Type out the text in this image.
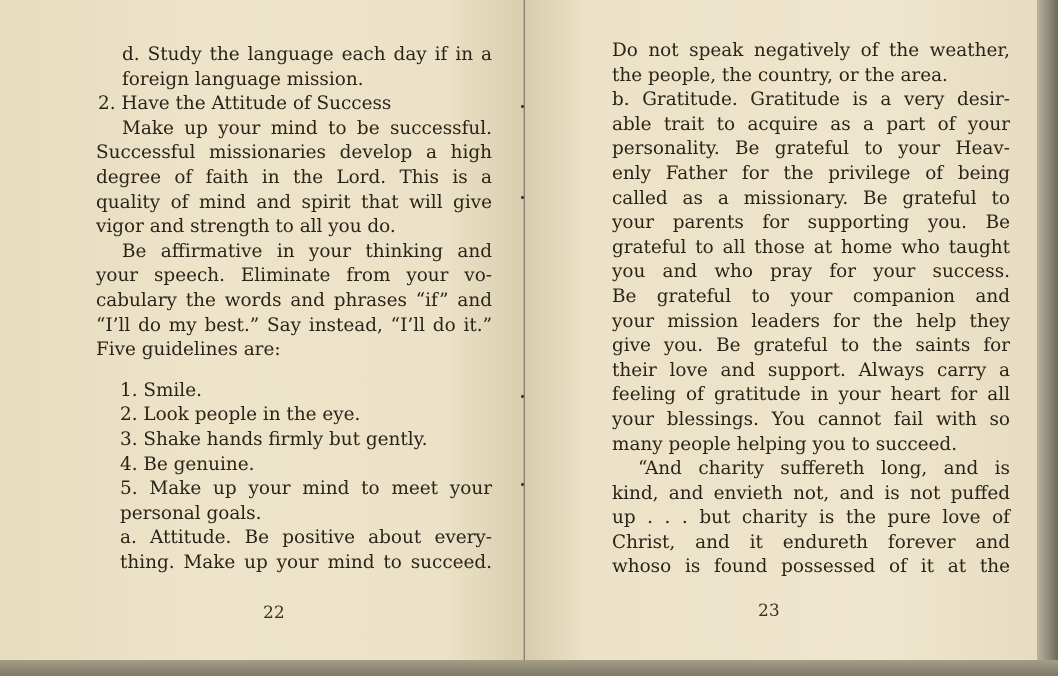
d. Study the language each day if in a
foreign language mission.
2. Have the Attitude of Success
Make up your mind to be successful.
Successful missionaries develop a high
degree of faith in the Lord. This is a
quality of mind and spirit that will give
vigor and strength to all you do.
Be affirmative in your thinking and
your speech. Eliminate from your vo-
cabulary the words and phrases “if” and
“I’ll do my best.” Say instead, “I’ll do it.”
Five guidelines are:
1. Smile.
2. Look people in the eye.
3. Shake hands firmly but gently.
4. Be genuine.
5. Make up your mind to meet your
personal goals.
a. Attitude. Be positive about every-
thing. Make up your mind to succeed.
22
Do not speak negatively of the weather,
the people, the country, or the area.
b. Gratitude. Gratitude is a very desir-
able trait to acquire as a part of your
personality. Be grateful to your Heav-
enly Father for the privilege of being
called as a missionary. Be grateful to
your parents for supporting you. Be
grateful to all those at home who taught
you and who pray for your success.
Be grateful to your companion and
your mission leaders for the help they
give you. Be grateful to the saints for
their love and support. Always carry a
feeling of gratitude in your heart for all
your blessings. You cannot fail with so
many people helping you to succeed.
“And charity suffereth long, and is
kind, and envieth not, and is not puffed
up . . . but charity is the pure love of
Christ, and it endureth forever and
whoso is found possessed of it at the
23
